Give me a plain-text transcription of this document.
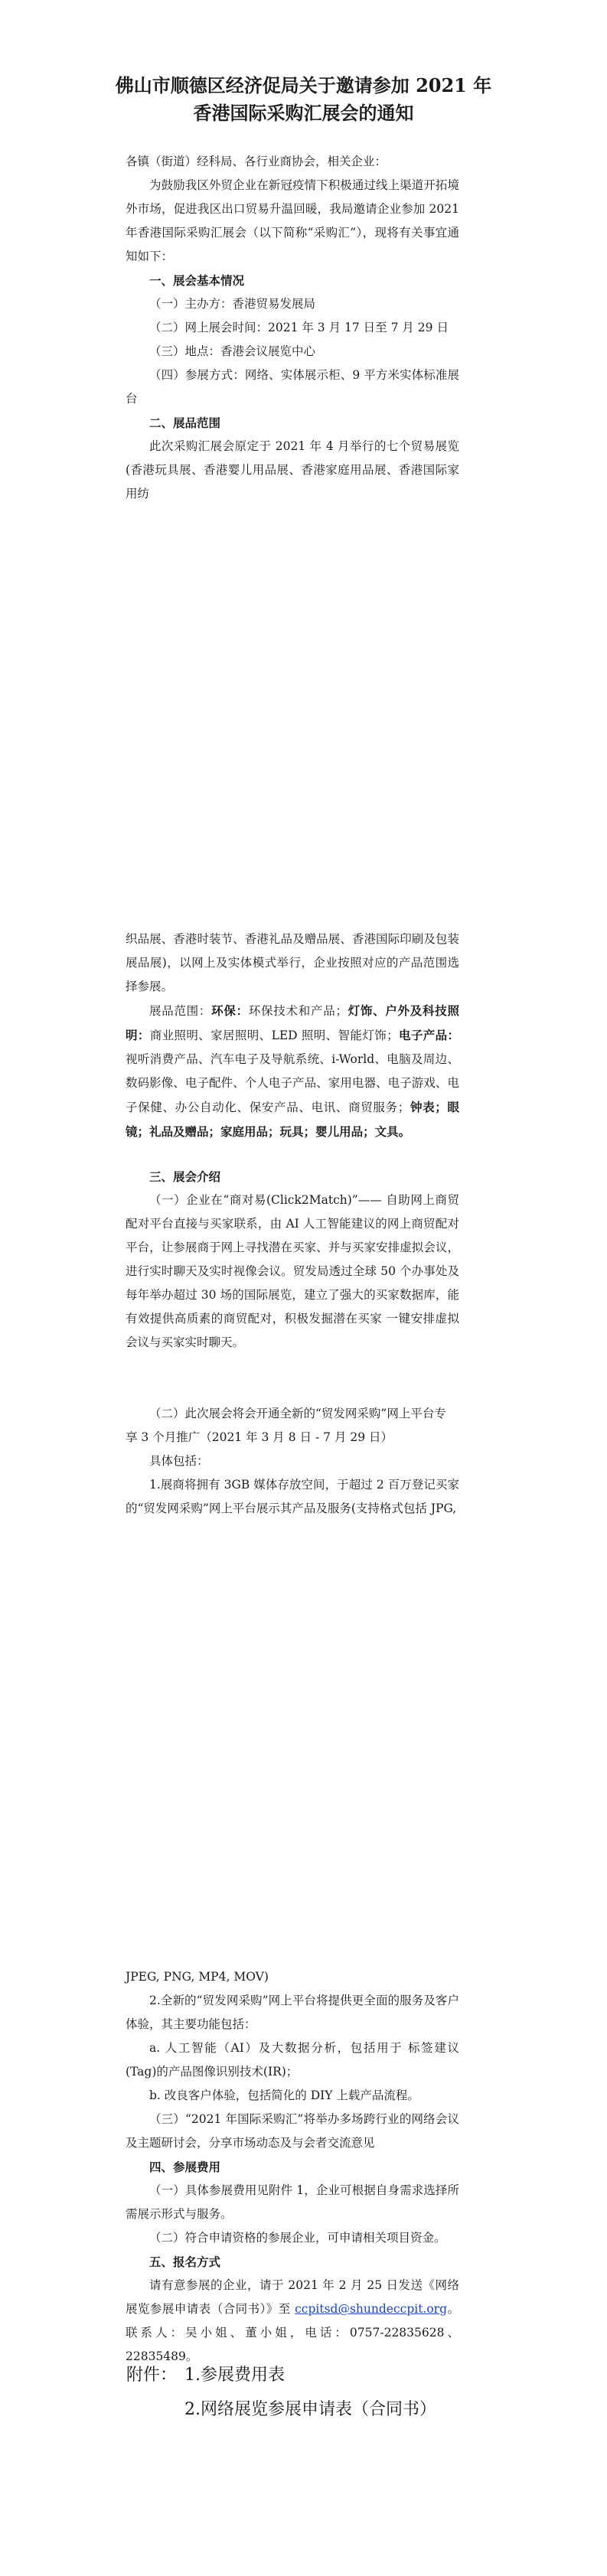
佛山市顺德区经济促局关于邀请参加 2021 年
香港国际采购汇展会的通知
各镇（街道）经科局、各行业商协会，相关企业：
为鼓励我区外贸企业在新冠疫情下积极通过线上渠道开拓境外市场，促进我区出口贸易升温回暖，我局邀请企业参加 2021 年香港国际采购汇展会（以下简称“采购汇”），现将有关事宜通知如下：
一、展会基本情况
（一）主办方：香港贸易发展局
（二）网上展会时间：2021 年 3 月 17 日至 7 月 29 日
（三）地点：香港会议展览中心
（四）参展方式：网络、实体展示柜、9 平方米实体标准展台
二、展品范围
此次采购汇展会原定于 2021 年 4 月举行的七个贸易展览(香港玩具展、香港婴儿用品展、香港家庭用品展、香港国际家用纺
织品展、香港时装节、香港礼品及赠品展、香港国际印刷及包装展品展)，以网上及实体模式举行，企业按照对应的产品范围选择参展。
展品范围：环保：环保技术和产品；灯饰、户外及科技照明：商业照明、家居照明、LED 照明、智能灯饰；电子产品：视听消费产品、汽车电子及导航系统、i-World、电脑及周边、数码影像、电子配件、个人电子产品、家用电器、电子游戏、电子保健、办公自动化、保安产品、电讯、商贸服务；钟表；眼镜；礼品及赠品；家庭用品；玩具；婴儿用品；文具。
三、展会介绍
（一）企业在“商对易(Click2Match)”—— 自助网上商贸配对平台直接与买家联系，由 AI 人工智能建议的网上商贸配对平台，让参展商于网上寻找潜在买家、并与买家安排虚拟会议，进行实时聊天及实时视像会议。贸发局透过全球 50 个办事处及每年举办超过 30 场的国际展览，建立了强大的买家数据库，能有效提供高质素的商贸配对，积极发掘潜在买家 一键安排虚拟会议与买家实时聊天。
（二）此次展会将会开通全新的“贸发网采购”网上平台专
享 3 个月推广（2021 年 3 月 8 日 - 7 月 29 日）
具体包括：
1.展商将拥有 3GB 媒体存放空间，于超过 2 百万登记买家的“贸发网采购”网上平台展示其产品及服务(支持格式包括 JPG,
JPEG, PNG, MP4, MOV)
2.全新的“贸发网采购”网上平台将提供更全面的服务及客户体验，其主要功能包括：
a. 人工智能（AI）及大数据分析，包括用于 标签建议(Tag)的产品图像识别技术(IR)；
b. 改良客户体验，包括简化的 DIY 上载产品流程。
（三）“2021 年国际采购汇”将举办多场跨行业的网络会议及主题研讨会，分享市场动态及与会者交流意见
四、参展费用
（一）具体参展费用见附件 1，企业可根据自身需求选择所需展示形式与服务。
（二）符合申请资格的参展企业，可申请相关项目资金。
五、报名方式
请有意参展的企业，请于 2021 年 2 月 25 日发送《网络展览参展申请表（合同书）》至 ccpitsd@shundeccpit.org。联系人：吴小姐、董小姐，电话：0757-22835628、22835489。
附件： 1.参展费用表
2.网络展览参展申请表（合同书）
